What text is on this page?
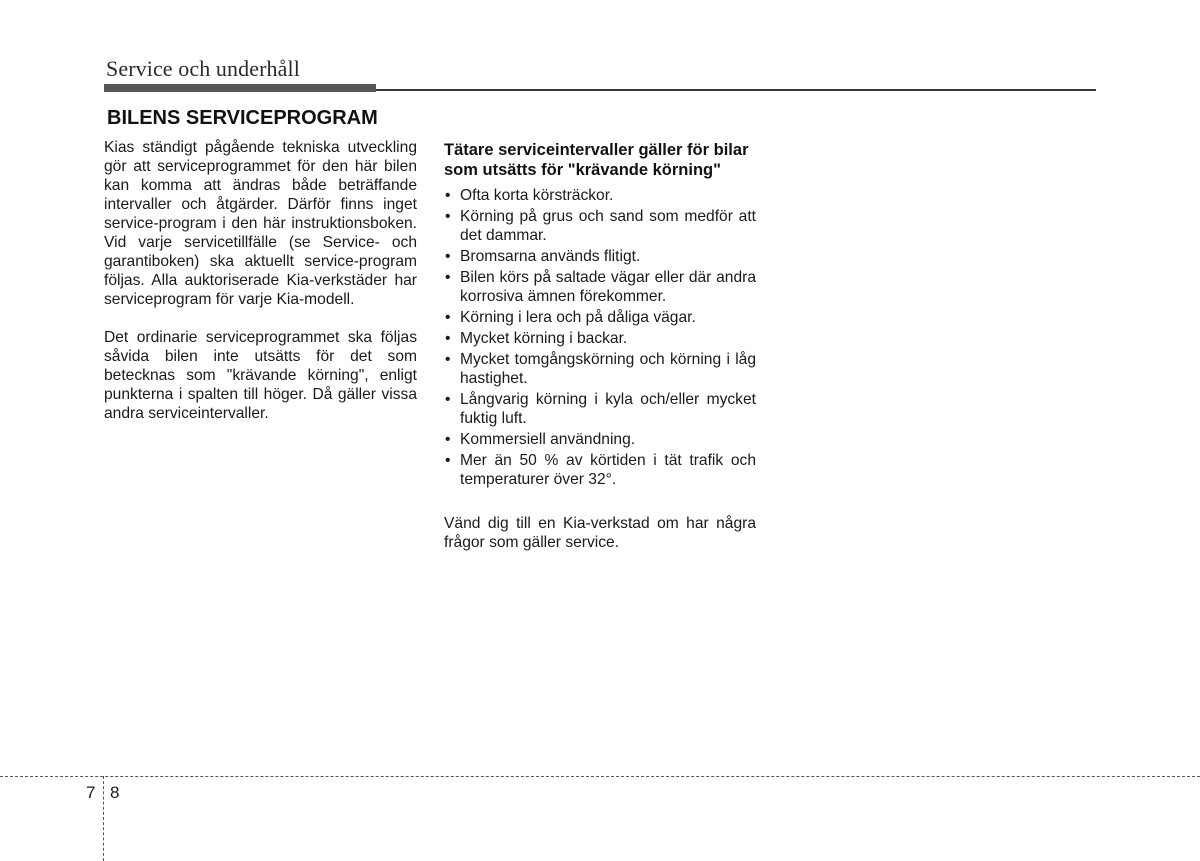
Service och underhåll
BILENS SERVICEPROGRAM

Kias ständigt pågående tekniska utveckling gör att serviceprogrammet för den här bilen kan komma att ändras både beträffande intervaller och åtgärder. Därför finns inget service-program i den här instruktionsboken. Vid varje servicetillfälle (se Service- och garantiboken) ska aktuellt service-program följas. Alla auktoriserade Kia-verkstäder har serviceprogram för varje Kia-modell.

Det ordinarie serviceprogrammet ska följas såvida bilen inte utsätts för det som betecknas som "krävande körning", enligt punkterna i spalten till höger. Då gäller vissa andra serviceintervaller.

Tätare serviceintervaller gäller för bilar som utsätts för "krävande körning"
• Ofta korta körsträckor.
• Körning på grus och sand som medför att det dammar.
• Bromsarna används flitigt.
• Bilen körs på saltade vägar eller där andra korrosiva ämnen förekommer.
• Körning i lera och på dåliga vägar.
• Mycket körning i backar.
• Mycket tomgångskörning och körning i låg hastighet.
• Långvarig körning i kyla och/eller mycket fuktig luft.
• Kommersiell användning.
• Mer än 50 % av körtiden i tät trafik och temperaturer över 32°.

Vänd dig till en Kia-verkstad om har några frågor som gäller service.

7 8
